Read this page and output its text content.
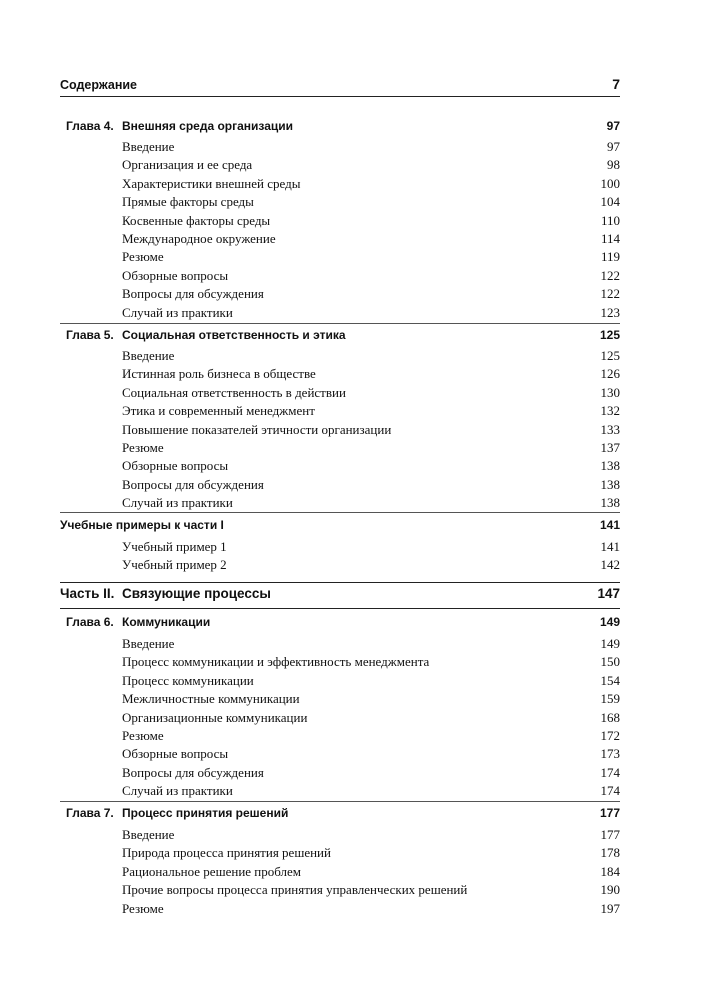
Содержание	7
Глава 4. Внешняя среда организации	97
Введение	97
Организация и ее среда	98
Характеристики внешней среды	100
Прямые факторы среды	104
Косвенные факторы среды	110
Международное окружение	114
Резюме	119
Обзорные вопросы	122
Вопросы для обсуждения	122
Случай из практики	123
Глава 5. Социальная ответственность и этика	125
Введение	125
Истинная роль бизнеса в обществе	126
Социальная ответственность в действии	130
Этика и современный менеджмент	132
Повышение показателей этичности организации	133
Резюме	137
Обзорные вопросы	138
Вопросы для обсуждения	138
Случай из практики	138
Учебные примеры к части I	141
Учебный пример 1	141
Учебный пример 2	142
Часть II. Связующие процессы	147
Глава 6. Коммуникации	149
Введение	149
Процесс коммуникации и эффективность менеджмента	150
Процесс коммуникации	154
Межличностные коммуникации	159
Организационные коммуникации	168
Резюме	172
Обзорные вопросы	173
Вопросы для обсуждения	174
Случай из практики	174
Глава 7. Процесс принятия решений	177
Введение	177
Природа процесса принятия решений	178
Рациональное решение проблем	184
Прочие вопросы процесса принятия управленческих решений	190
Резюме	197
